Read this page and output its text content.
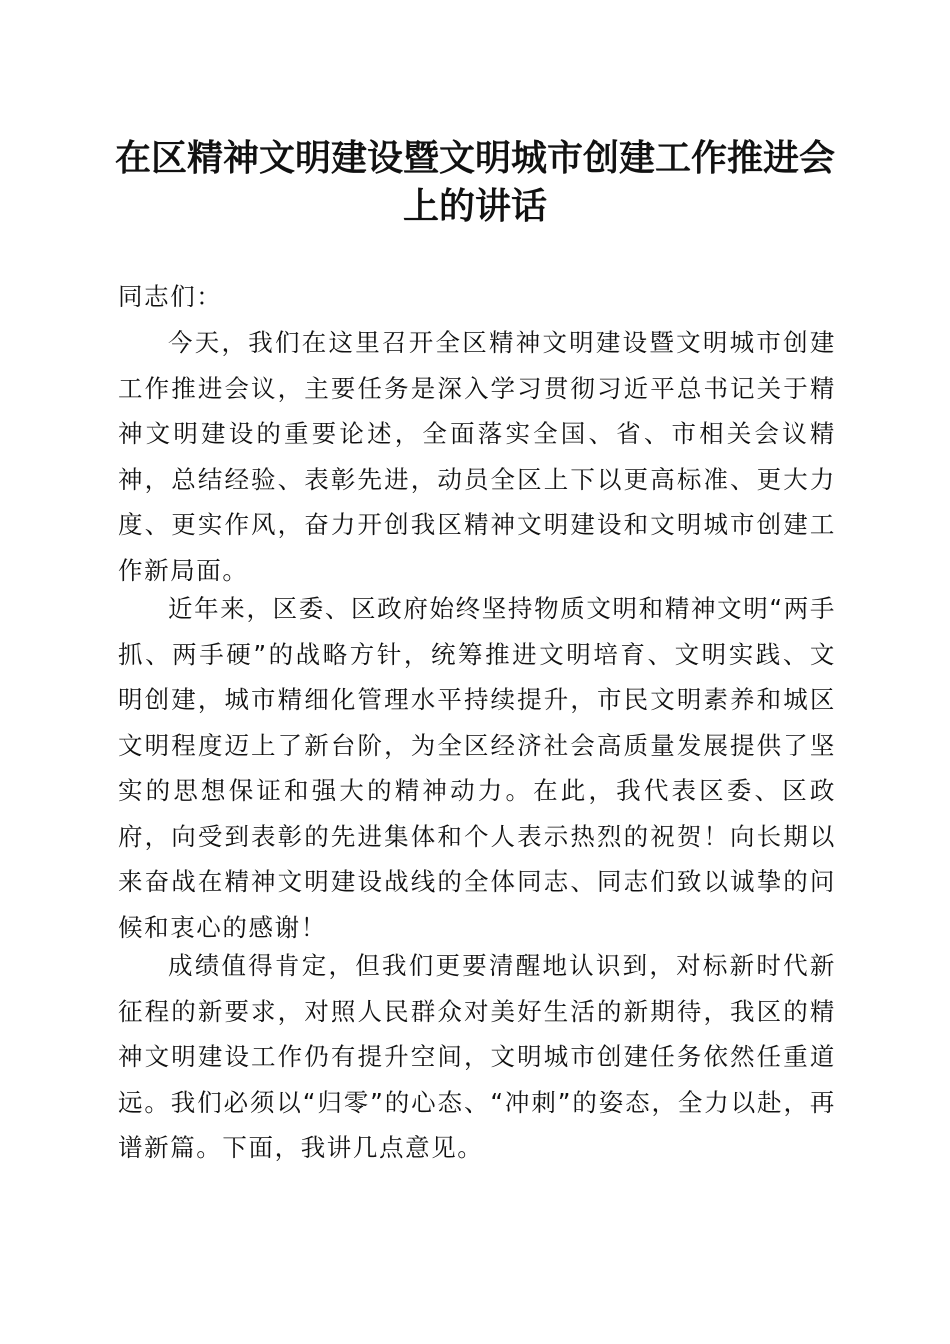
在区精神文明建设暨文明城市创建工作推进会
上的讲话

同志们：

今天，我们在这里召开全区精神文明建设暨文明城市创建工作推进会议，主要任务是深入学习贯彻习近平总书记关于精神文明建设的重要论述，全面落实全国、省、市相关会议精神，总结经验、表彰先进，动员全区上下以更高标准、更大力度、更实作风，奋力开创我区精神文明建设和文明城市创建工作新局面。

近年来，区委、区政府始终坚持物质文明和精神文明“两手抓、两手硬”的战略方针，统筹推进文明培育、文明实践、文明创建，城市精细化管理水平持续提升，市民文明素养和城区文明程度迈上了新台阶，为全区经济社会高质量发展提供了坚实的思想保证和强大的精神动力。在此，我代表区委、区政府，向受到表彰的先进集体和个人表示热烈的祝贺！向长期以来奋战在精神文明建设战线的全体同志、同志们致以诚挚的问候和衷心的感谢！

成绩值得肯定，但我们更要清醒地认识到，对标新时代新征程的新要求，对照人民群众对美好生活的新期待，我区的精神文明建设工作仍有提升空间，文明城市创建任务依然任重道远。我们必须以“归零”的心态、“冲刺”的姿态，全力以赴，再谱新篇。下面，我讲几点意见。
